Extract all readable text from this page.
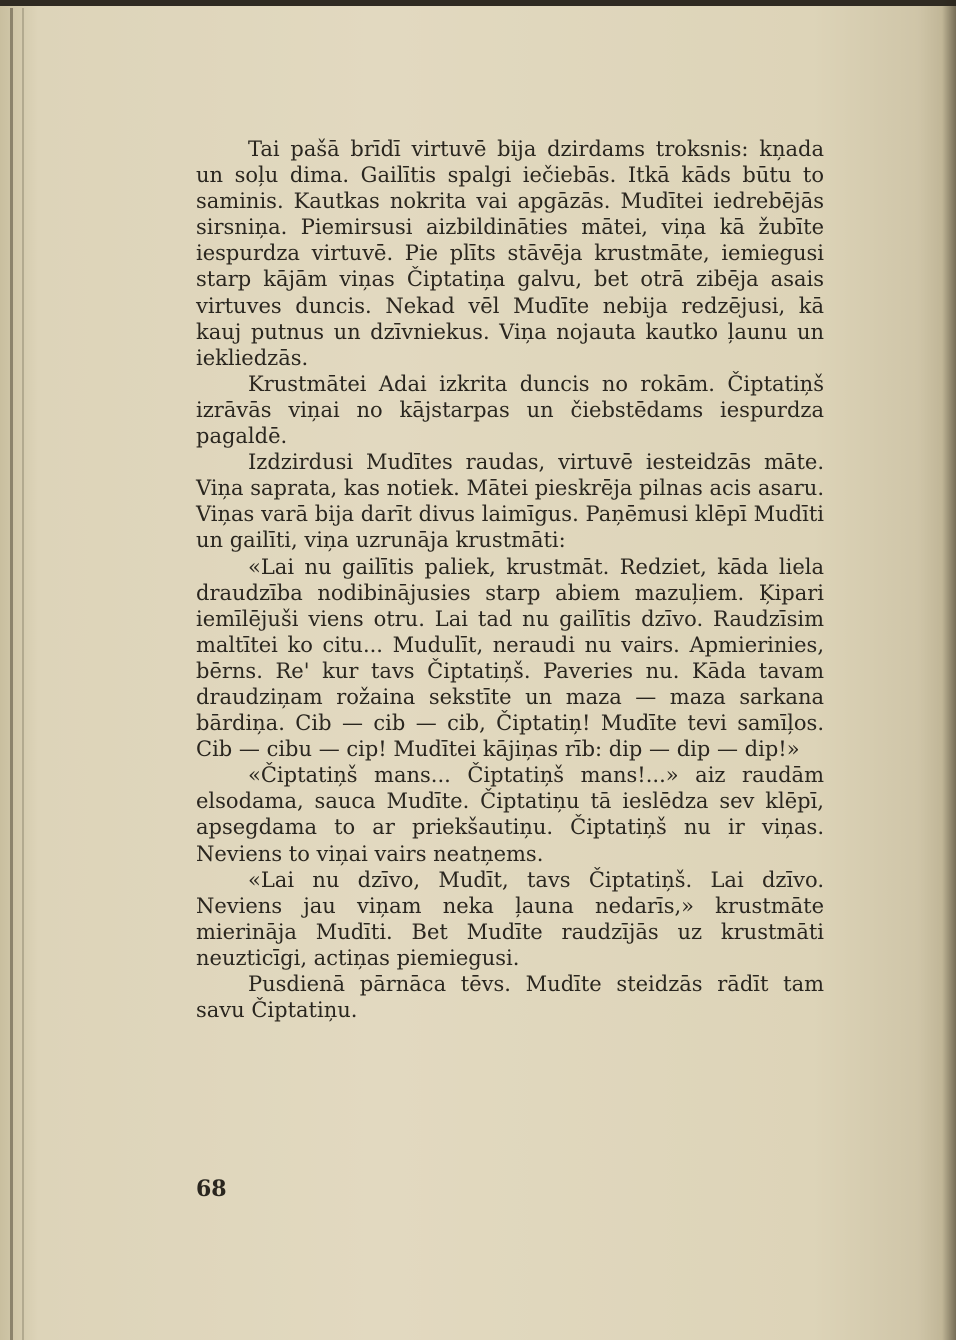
Tai pašā brīdī virtuvē bija dzirdams troksnis: kņada un soļu dima. Gailītis spalgi iečiebās. Itkā kāds būtu to saminis. Kautkas nokrita vai apgāzās. Mudītei iedrebējās sirsniņa. Piemirsusi aizbildināties mātei, viņa kā žubīte iespurdza virtuvē. Pie plīts stāvēja krustmāte, iemiegusi starp kājām viņas Čiptatiņa galvu, bet otrā zibēja asais virtuves duncis. Nekad vēl Mudīte nebija redzējusi, kā kauj putnus un dzīvniekus. Viņa nojauta kautko ļaunu un iekliedzās.

Krustmātei Adai izkrita duncis no rokām. Čiptatiņš izrāvās viņai no kājstarpas un čiebstēdams iespurdza pagaldē.

Izdzirdusi Mudītes raudas, virtuvē iesteidzās māte. Viņa saprata, kas notiek. Mātei pieskrēja pilnas acis asaru. Viņas varā bija darīt divus laimīgus. Paņēmusi klēpī Mudīti un gailīti, viņa uzrunāja krustmāti:

«Lai nu gailītis paliek, krustmāt. Redziet, kāda liela draudzība nodibinājusies starp abiem mazuļiem. Ķipari iemīlējuši viens otru. Lai tad nu gailītis dzīvo. Raudzīsim maltītei ko citu... Mudulīt, neraudi nu vairs. Apmierinies, bērns. Re' kur tavs Čiptatiņš. Paveries nu. Kāda tavam draudziņam rožaina sekstīte un maza — maza sarkana bārdiņa. Cib — cib — cib, Čiptatiņ! Mudīte tevi samīļos. Cib — cibu — cip! Mudītei kājiņas rīb: dip — dip — dip!»

«Čiptatiņš mans... Čiptatiņš mans!...» aiz raudām elsodama, sauca Mudīte. Čiptatiņu tā ieslēdza sev klēpī, apsegdama to ar priekšautiņu. Čiptatiņš nu ir viņas. Neviens to viņai vairs neatņems.

«Lai nu dzīvo, Mudīt, tavs Čiptatiņš. Lai dzīvo. Neviens jau viņam neka ļauna nedarīs,» krustmāte mierināja Mudīti. Bet Mudīte raudzījās uz krustmāti neuzticīgi, actiņas piemiegusi.

Pusdienā pārnāca tēvs. Mudīte steidzās rādīt tam savu Čiptatiņu.

68
